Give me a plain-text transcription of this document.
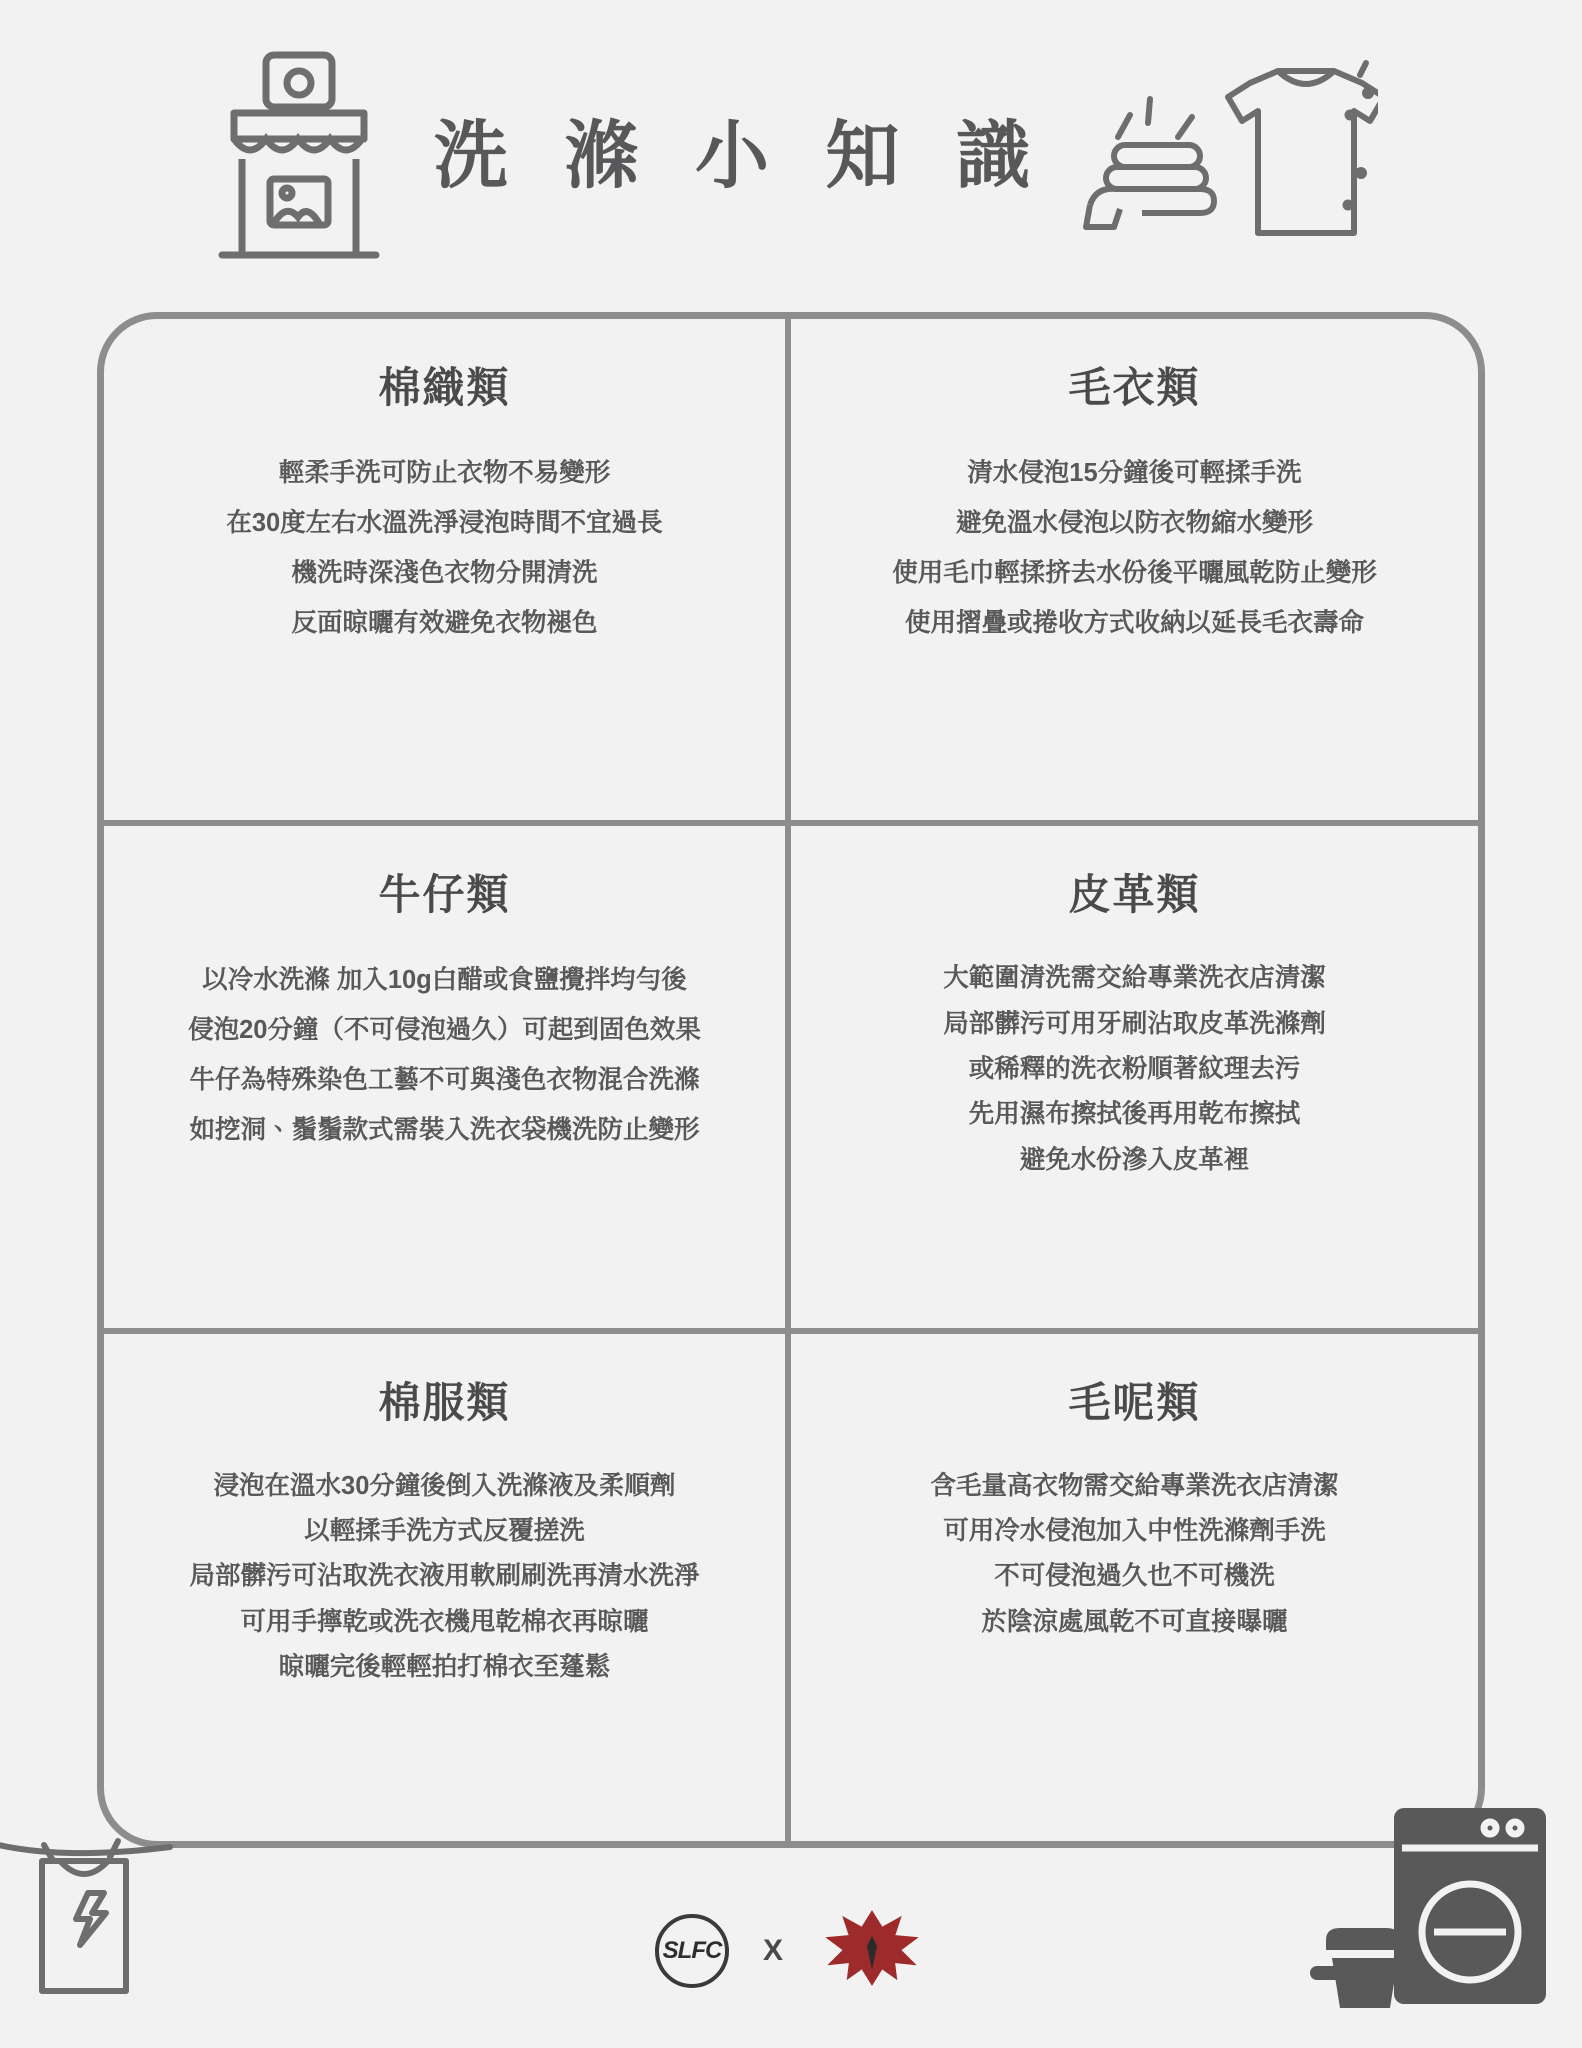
洗 滌 小 知 識
棉織類
輕柔手洗可防止衣物不易變形
在30度左右水溫洗淨浸泡時間不宜過長
機洗時深淺色衣物分開清洗
反面晾曬有效避免衣物褪色
毛衣類
清水侵泡15分鐘後可輕揉手洗
避免溫水侵泡以防衣物縮水變形
使用毛巾輕揉挤去水份後平曬風乾防止變形
使用摺疊或捲收方式收納以延長毛衣壽命
牛仔類
以冷水洗滌 加入10g白醋或食鹽攪拌均勻後
侵泡20分鐘（不可侵泡過久）可起到固色效果
牛仔為特殊染色工藝不可與淺色衣物混合洗滌
如挖洞、鬚鬚款式需裝入洗衣袋機洗防止變形
皮革類
大範圍清洗需交給專業洗衣店清潔
局部髒污可用牙刷沾取皮革洗滌劑
或稀釋的洗衣粉順著紋理去污
先用濕布擦拭後再用乾布擦拭
避免水份滲入皮革裡
棉服類
浸泡在溫水30分鐘後倒入洗滌液及柔順劑
以輕揉手洗方式反覆搓洗
局部髒污可沾取洗衣液用軟刷刷洗再清水洗淨
可用手擰乾或洗衣機甩乾棉衣再晾曬
晾曬完後輕輕拍打棉衣至蓬鬆
毛呢類
含毛量高衣物需交給專業洗衣店清潔
可用冷水侵泡加入中性洗滌劑手洗
不可侵泡過久也不可機洗
於陰涼處風乾不可直接曝曬
SLFC X
